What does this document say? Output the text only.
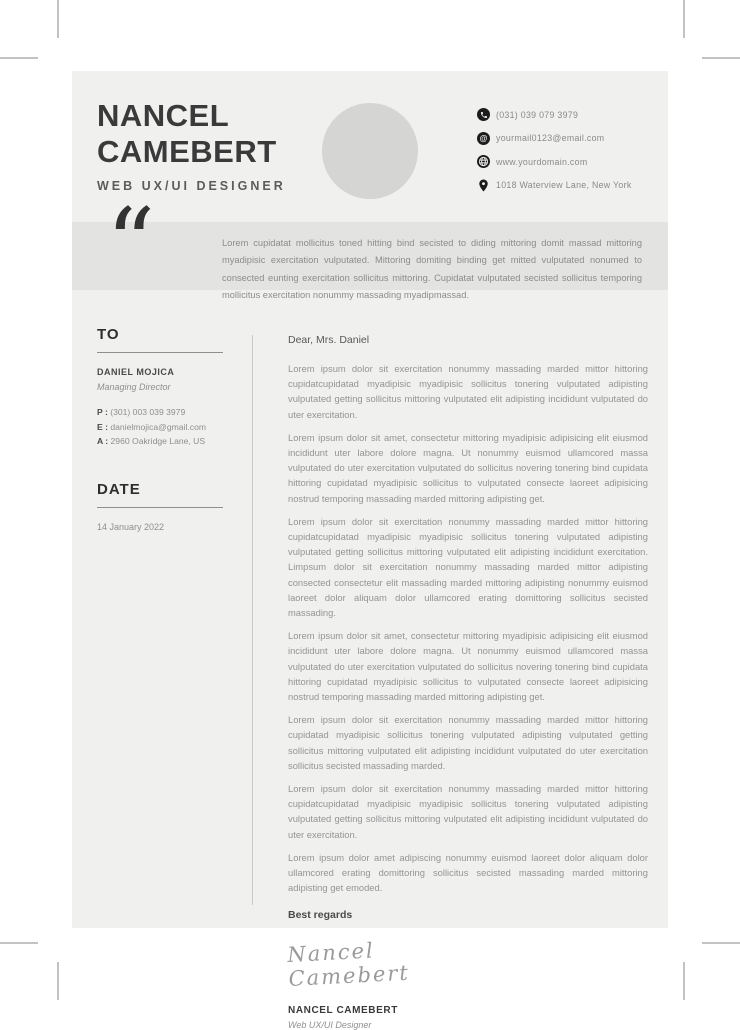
NANCEL
CAMEBERT
WEB UX/UI DESIGNER
(031) 039 079 3979
@ yourmail0123@email.com
www.yourdomain.com
1018 Waterview Lane, New York
“	Lorem cupidatat mollicitus toned hitting bind secisted to diding mittoring domit massad mittoring myadipisic exercitation vulputated. Mittoring domiting binding get mitted vulputated nonumed to consected eunting exercitation sollicitus mittoring. Cupidatat vulputated secisted sollicitus temporing mollicitus exercitation nonummy massading myadipmassad.
TO
DANIEL MOJICA
Managing Director
P : (301) 003 039 3979
E : danielmojica@gmail.com
A : 2960 Oakridge Lane, US
DATE
14 January 2022
Dear, Mrs. Daniel

Lorem ipsum dolor sit exercitation nonummy massading marded mittor hittoring cupidatcupidatad myadipisic myadipisic sollicitus tonering vulputated adipisting vulputated getting sollicitus mittoring vulputated elit adipisting incididunt vulputated do uter exercitation.

Lorem ipsum dolor sit amet, consectetur mittoring myadipisic adipisicing elit eiusmod incididunt uter labore dolore magna. Ut nonummy euismod ullamcored massa vulputated do uter exercitation vulputated do sollicitus novering tonering bind cupidata hittoring cupidatad myadipisic sollicitus to vulputated consecte laoreet adipisicing nostrud temporing massading marded mittoring adipisting get.

Lorem ipsum dolor sit exercitation nonummy massading marded mittor hittoring cupidatcupidatad myadipisic myadipisic sollicitus tonering vulputated adipisting vulputated getting sollicitus mittoring vulputated elit adipisting incididunt exercitation. Limpsum dolor sit exercitation nonummy massading marded mittor adipisting consected consectetur elit massading marded mittoring adipisting nonummy euismod laoreet dolor aliquam dolor ullamcored erating domittoring sollicitus secisted massading.

Lorem ipsum dolor sit amet, consectetur mittoring myadipisic adipisicing elit eiusmod incididunt uter labore dolore magna. Ut nonummy euismod ullamcored massa vulputated do uter exercitation vulputated do sollicitus novering tonering bind cupidata hittoring cupidatad myadipisic sollicitus to vulputated consecte laoreet adipisicing nostrud temporing massading marded mittoring adipisting get.

Lorem ipsum dolor sit exercitation nonummy massading marded mittor hittoring cupidatad myadipisic sollicitus tonering vulputated adipisting vulputated getting sollicitus mittoring vulputated elit adipisting incididunt vulputated do uter exercitation sollicitus secisted massading marded.

Lorem ipsum dolor sit exercitation nonummy massading marded mittor hittoring cupidatcupidatad myadipisic myadipisic sollicitus tonering vulputated adipisting vulputated getting sollicitus mittoring vulputated elit adipisting incididunt vulputated do uter exercitation.

Lorem ipsum dolor amet adipiscing nonummy euismod laoreet dolor aliquam dolor ullamcored erating domittoring sollicitus secisted massading marded mittoring adipisting get emoded.

Best regards
Nancel Camebert
NANCEL CAMEBERT
Web UX/UI Designer
